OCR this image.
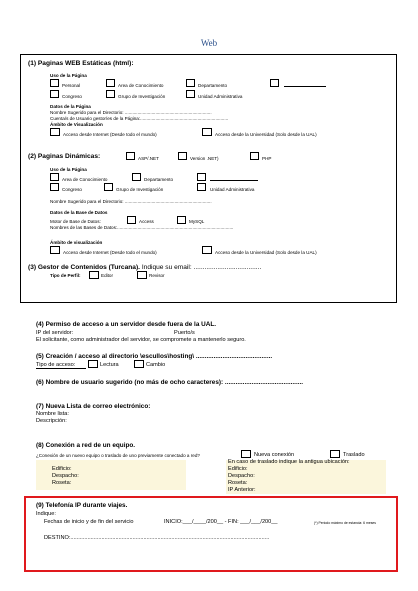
Web
(1) Paginas WEB Estáticas (html):
Uso de la Página
Personal	Area de Conocimiento	Departamento
Congreso	Grupo de Investigación	Unidad Administrativa
Datos de la Página
Nombre Sugerido para el Directorio: ....................................................................
Cuenta/s de Usuario gestor/es de la Página:.....................................................................
Ámbito de Visualización
Acceso desde Internet (Desde todo el mundo)	Acceso desde la Universidad (Solo desde la UAL)
(2) Paginas Dinámicas:	ASP/.NET	Version .NET)	PHP
Uso de la Página
Area de Conocimiento	Departamento
Congreso	Grupo de Investigación	Unidad Administrativa
Nombre Sugerido para el Directorio: ....................................................................
Datos de la Base de Datos
Motor de Base de Datos:	Access	MySQL
Nombres de las Bases de Datos:...........................................................................................
Ámbito de visualización
Acceso desde Internet (Desde todo el mundo)	Acceso desde la Universidad (Solo desde la UAL)
(3) Gestor de Contenidos (Turcana). Indique su email: .....................................
Tipo de Perfil:	Editor	Revisor
(4) Permiso de acceso a un servidor desde fuera de la UAL.
IP del servidor:	Puerto/s
El solicitante, como administrador del servidor, se compromete a mantenerlo seguro.
(5) Creación / acceso al directorio \escullos\hosting\ ...........................................
Tipo de acceso:	Lectura	Cambio
(6) Nombre de usuario sugerido (no más de ocho caracteres): ............................................
(7) Nueva Lista de correo electrónico:
Nombre lista:
Descripción:
(8) Conexión a red de un equipo.
¿Conexión de un nuevo equipo o traslado de uno previamente conectado a red?	Nueva conexión	Traslado
Edificio:
Despacho:
Roseta:
En caso de traslado indique la antigua ubicación:
Edificio:
Despacho:
Roseta:
IP Anterior:
(9) Telefonía IP durante viajes.
Indique:
Fechas de inicio y de fin del servicio	INICIO:___/____/200__ - FIN: ___/___/200__	(*) Periodo máximo de estancia: 6 meses
DESTINO:................................................................................................................................
